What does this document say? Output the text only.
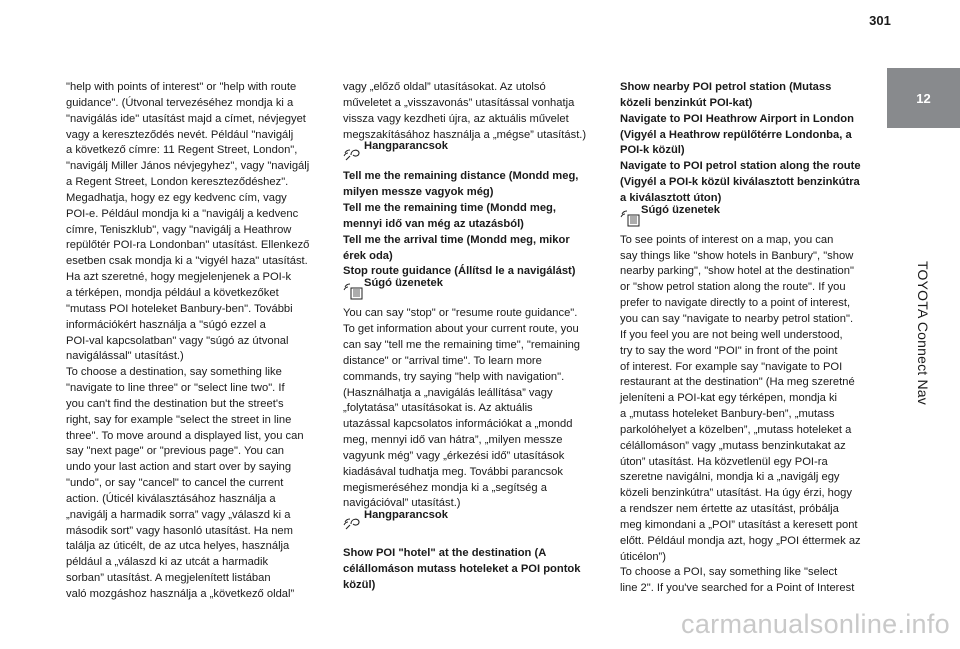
301
12
TOYOTA Connect Nav

"help with points of interest" or "help with route

guidance". (Útvonal tervezéséhez mondja ki a

"navigálás ide" utasítást majd a címet, névjegyet

vagy a kereszteződés nevét. Például "navigálj

a következő címre: 11 Regent Street, London",

"navigálj Miller János névjegyhez", vagy "navigálj

a Regent Street, London kereszteződéshez".

Megadhatja, hogy ez egy kedvenc cím, vagy

POI-e. Például mondja ki a "navigálj a kedvenc

címre, Teniszklub", vagy "navigálj a Heathrow

repülőtér POI-ra Londonban" utasítást. Ellenkező

esetben csak mondja ki a "vigyél haza" utasítást.

Ha azt szeretné, hogy megjelenjenek a POI-k

a térképen, mondja például a következőket

"mutass POI hoteleket Banbury-ben". További

információkért használja a "súgó ezzel a

POI-val kapcsolatban" vagy "súgó az útvonal

navigálással" utasítást.)

To choose a destination, say something like

"navigate to line three" or "select line two". If

you can't find the destination but the street's

right, say for example "select the street in line

three". To move around a displayed list, you can

say "next page" or "previous page". You can

undo your last action and start over by saying

"undo", or say "cancel" to cancel the current

action. (Úticél kiválasztásához használja a

„navigálj a harmadik sorra” vagy „válaszd ki a

második sort” vagy hasonló utasítást. Ha nem

találja az úticélt, de az utca helyes, használja

például a „válaszd ki az utcát a harmadik

sorban” utasítást. A megjelenített listában

való mozgáshoz használja a „következő oldal”

vagy „előző oldal” utasításokat. Az utolsó

műveletet a „visszavonás” utasítással vonhatja

vissza vagy kezdheti újra, az aktuális művelet

megszakításához használja a „mégse” utasítást.)

Hangparancsok

Tell me the remaining distance (Mondd meg,

milyen messze vagyok még)

Tell me the remaining time (Mondd meg,

mennyi idő van még az utazásból)

Tell me the arrival time (Mondd meg, mikor

érek oda)

Stop route guidance (Állítsd le a navigálást)

Súgó üzenetek

You can say "stop" or "resume route guidance".

To get information about your current route, you

can say "tell me the remaining time", "remaining

distance" or "arrival time". To learn more

commands, try saying "help with navigation".

(Használhatja a „navigálás leállítása” vagy

„folytatása” utasításokat is. Az aktuális

utazással kapcsolatos információkat a „mondd

meg, mennyi idő van hátra”, „milyen messze

vagyunk még” vagy „érkezési idő” utasítások

kiadásával tudhatja meg. További parancsok

megismeréséhez mondja ki a „segítség a

navigációval” utasítást.)

Hangparancsok

Show POI "hotel" at the destination (A

célállomáson mutass hoteleket a POI pontok

közül)

Show nearby POI petrol station (Mutass

közeli benzinkút POI-kat)

Navigate to POI Heathrow Airport in London

(Vigyél a Heathrow repülőtérre Londonba, a

POI-k közül)

Navigate to POI petrol station along the route

(Vigyél a POI-k közül kiválasztott benzinkútra

a kiválasztott úton)

Súgó üzenetek

To see points of interest on a map, you can

say things like "show hotels in Banbury", "show

nearby parking", "show hotel at the destination"

or "show petrol station along the route". If you

prefer to navigate directly to a point of interest,

you can say "navigate to nearby petrol station".

If you feel you are not being well understood,

try to say the word "POI" in front of the point

of interest. For example say "navigate to POI

restaurant at the destination" (Ha meg szeretné

jeleníteni a POI-kat egy térképen, mondja ki

a „mutass hoteleket Banbury-ben”, „mutass

parkolóhelyet a közelben”, „mutass hoteleket a

célállomáson” vagy „mutass benzinkutakat az

úton” utasítást. Ha közvetlenül egy POI-ra

szeretne navigálni, mondja ki a „navigálj egy

közeli benzinkútra” utasítást. Ha úgy érzi, hogy

a rendszer nem értette az utasítást, próbálja

meg kimondani a „POI” utasítást a keresett pont

előtt. Például mondja azt, hogy „POI éttermek az

úticélon”)

To choose a POI, say something like "select

line 2". If you've searched for a Point of Interest

carmanualsonline.info
